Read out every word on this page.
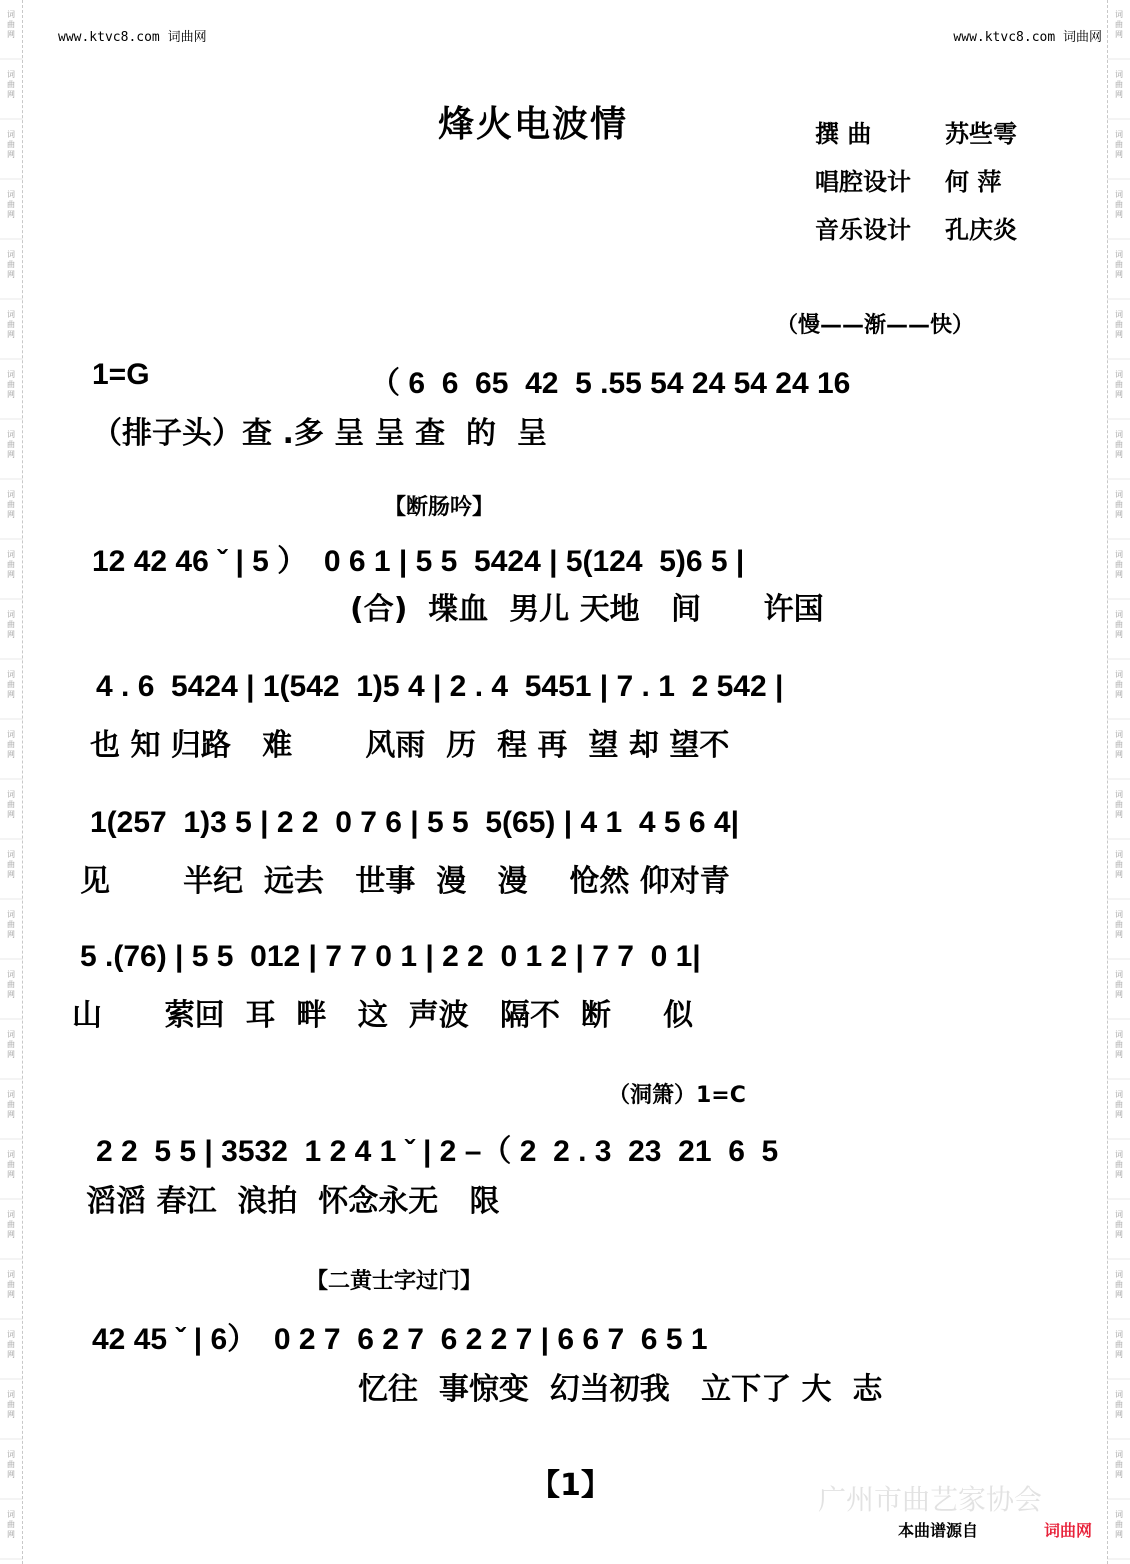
词曲网
词曲网
词曲网
词曲网
词曲网
词曲网
词曲网
词曲网
词曲网
词曲网
词曲网
词曲网
词曲网
词曲网
词曲网
词曲网
词曲网
词曲网
词曲网
词曲网
词曲网
词曲网
词曲网
词曲网
词曲网
词曲网
词曲网
词曲网
词曲网
词曲网
词曲网
词曲网
词曲网
词曲网
词曲网
词曲网
词曲网
词曲网
词曲网
词曲网
词曲网
词曲网
词曲网
词曲网
词曲网
词曲网
词曲网
词曲网
词曲网
词曲网
词曲网
词曲网
www.ktvc8.com 词曲网	www.ktvc8.com 词曲网
烽火电波情	撰 曲	苏些雩
唱腔设计 何 萍
音乐设计 孔庆炎
（慢——渐——快）
1=G	（ 6  6  65  42  5 .55 54 24 54 24 16
（排子头）查 .多 呈 呈 查  的  呈
【断肠吟】
12 42 46 ˇ | 5 ）  0 6 1 | 5 5  5424 | 5(124  5)6 5 |
(合)  堞血  男儿 天地   间      许国
4 . 6  5424 | 1(542  1)5 4 | 2 . 4  5451 | 7 . 1  2 542 |
也 知 归路   难       风雨  历  程 再  望 却 望不
1(257  1)3 5 | 2 2  0 7 6 | 5 5  5(65) | 4 1  4 5 6 4|
见       半纪  远去   世事  漫   漫    怆然 仰对青
5 .(76) | 5 5  012 | 7 7 0 1 | 2 2  0 1 2 | 7 7  0 1|
山      萦回  耳  畔   这  声波   隔不  断     似
（洞箫）1=C
2 2  5 5 | 3532  1 2 4 1 ˇ | 2 –（ 2  2 . 3  23  21  6  5
滔滔 春江  浪拍  怀念永无   限
【二黄士字过门】
42 45 ˇ | 6）  0 2 7  6 2 7  6 2 2 7 | 6 6 7  6 5 1
忆往  事惊变  幻当初我   立下了 大  志
【1】	广州市曲艺家协会
本曲谱源自	词曲网
